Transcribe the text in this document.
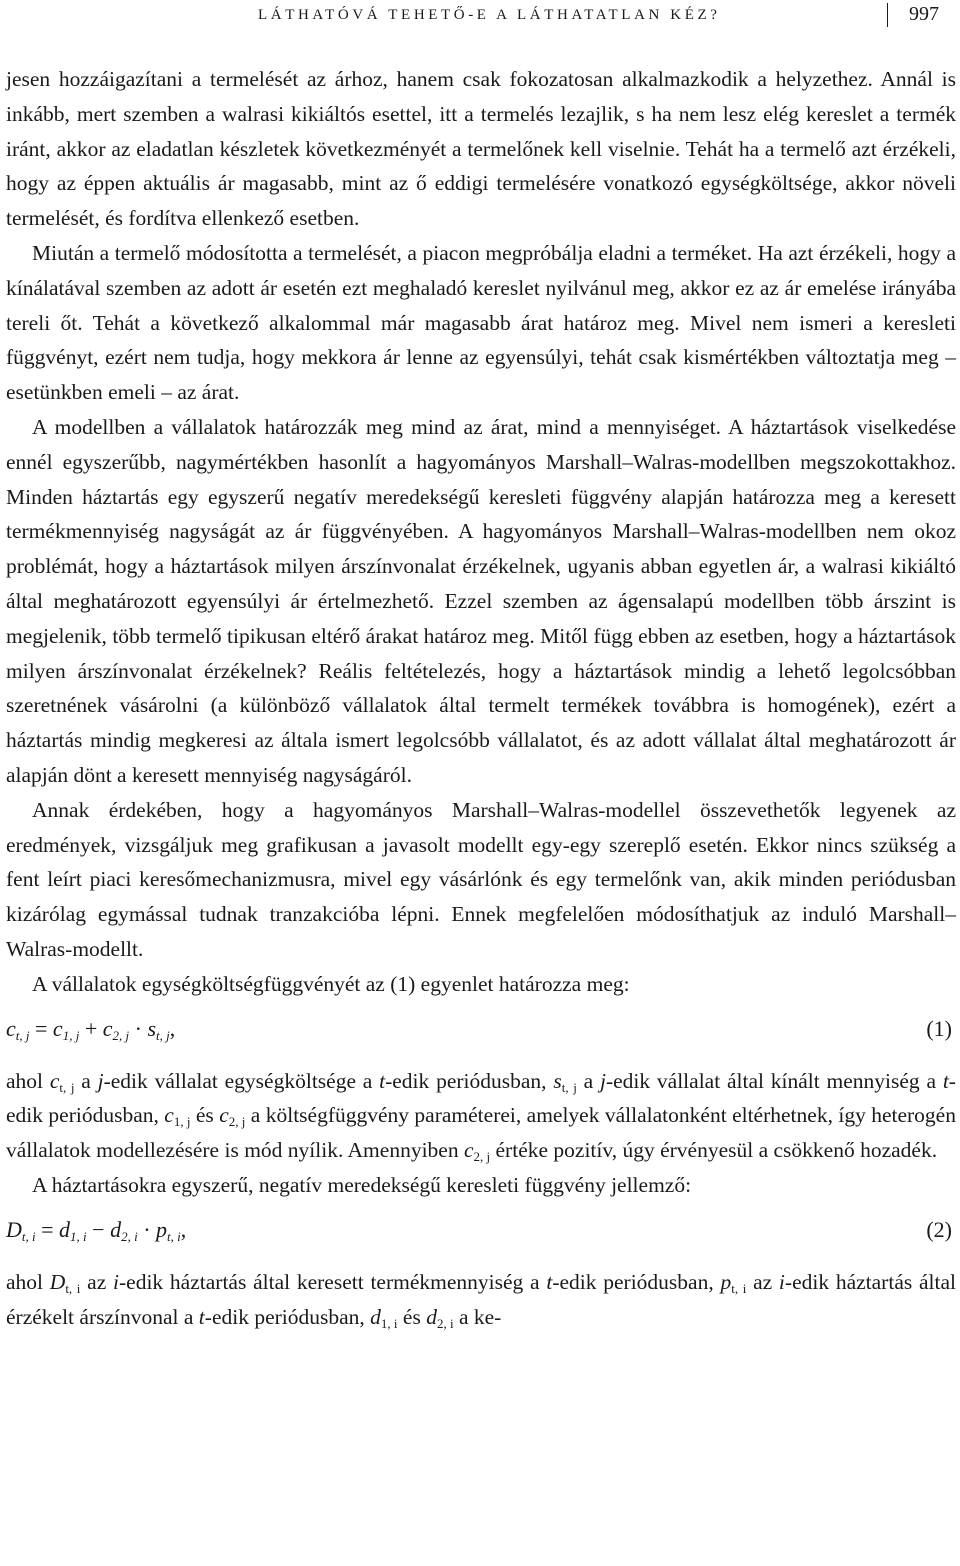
LÁTHATÓVÁ TEHETŐ-E A LÁTHATATLAN KÉZ?	997

jesen hozzáigazítani a termelését az árhoz, hanem csak fokozatosan alkalmazkodik a helyzethez. Annál is inkább, mert szemben a walrasi kikiáltós esettel, itt a termelés lezajlik, s ha nem lesz elég kereslet a termék iránt, akkor az eladatlan készletek következményét a termelőnek kell viselnie. Tehát ha a termelő azt érzékeli, hogy az éppen aktuális ár magasabb, mint az ő eddigi termelésére vonatkozó egységköltsége, akkor növeli termelését, és fordítva ellenkező esetben.

Miután a termelő módosította a termelését, a piacon megpróbálja eladni a terméket. Ha azt érzékeli, hogy a kínálatával szemben az adott ár esetén ezt meghaladó kereslet nyilvánul meg, akkor ez az ár emelése irányába tereli őt. Tehát a következő alkalommal már magasabb árat határoz meg. Mivel nem ismeri a keresleti függvényt, ezért nem tudja, hogy mekkora ár lenne az egyensúlyi, tehát csak kismértékben változtatja meg – esetünkben emeli – az árat.

A modellben a vállalatok határozzák meg mind az árat, mind a mennyiséget. A háztartások viselkedése ennél egyszerűbb, nagymértékben hasonlít a hagyományos Marshall–Walras-modellben megszokottakhoz. Minden háztartás egy egyszerű negatív meredekségű keresleti függvény alapján határozza meg a keresett termékmennyiség nagyságát az ár függvényében. A hagyományos Marshall–Walras-modellben nem okoz problémát, hogy a háztartások milyen árszínvonalat érzékelnek, ugyanis abban egyetlen ár, a walrasi kikiáltó által meghatározott egyensúlyi ár értelmezhető. Ezzel szemben az ágensalapú modellben több árszint is megjelenik, több termelő tipikusan eltérő árakat határoz meg. Mitől függ ebben az esetben, hogy a háztartások milyen árszínvonalat érzékelnek? Reális feltételezés, hogy a háztartások mindig a lehető legolcsóbban szeretnének vásárolni (a különböző vállalatok által termelt termékek továbbra is homogének), ezért a háztartás mindig megkeresi az általa ismert legolcsóbb vállalatot, és az adott vállalat által meghatározott ár alapján dönt a keresett mennyiség nagyságáról.

Annak érdekében, hogy a hagyományos Marshall–Walras-modellel összevethetők legyenek az eredmények, vizsgáljuk meg grafikusan a javasolt modellt egy-egy szereplő esetén. Ekkor nincs szükség a fent leírt piaci keresőmechanizmusra, mivel egy vásárlónk és egy termelőnk van, akik minden periódusban kizárólag egymással tudnak tranzakcióba lépni. Ennek megfelelően módosíthatjuk az induló Marshall–Walras-modellt.

A vállalatok egységköltségfüggvényét az (1) egyenlet határozza meg:

$c_{t, j} = c_{1, j} + c_{2, j} \cdot s_{t, j}$,	(1)

ahol $c_{t, j}$ a j-edik vállalat egységköltsége a t-edik periódusban, $s_{t, j}$ a j-edik vállalat által kínált mennyiség a t-edik periódusban, $c_{1, j}$ és $c_{2, j}$ a költségfüggvény paraméterei, amelyek vállalatonként eltérhetnek, így heterogén vállalatok modellezésére is mód nyílik. Amennyiben $c_{2, j}$ értéke pozitív, úgy érvényesül a csökkenő hozadék.

A háztartásokra egyszerű, negatív meredekségű keresleti függvény jellemző:

$D_{t, i} = d_{1, i} - d_{2, i} \cdot p_{t, i}$,	(2)

ahol $D_{t, i}$ az i-edik háztartás által keresett termékmennyiség a t-edik periódusban, $p_{t, i}$ az i-edik háztartás által érzékelt árszínvonal a t-edik periódusban, $d_{1, i}$ és $d_{2, i}$ a ke-
